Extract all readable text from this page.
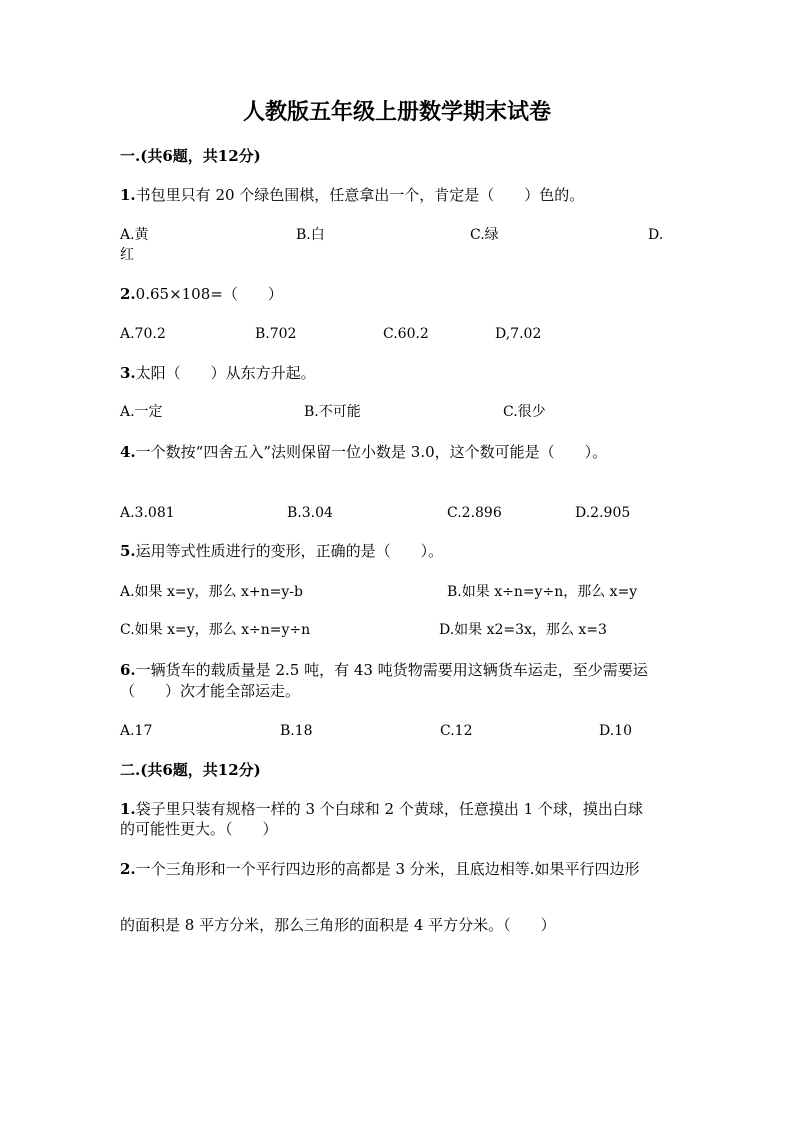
人教版五年级上册数学期末试卷
一.(共6题，共12分)
1.书包里只有 20 个绿色围棋，任意拿出一个，肯定是（　　）色的。
A.黄	B.白	C.绿	D.
红
2.0.65×108=（　　）
A.70.2	B.702	C.60.2	D,7.02
3.太阳（　　）从东方升起。
A.一定	B.不可能	C.很少
4.一个数按“四舍五入”法则保留一位小数是 3.0，这个数可能是（　　）。
A.3.081	B.3.04	C.2.896	D.2.905
5.运用等式性质进行的变形，正确的是（　　）。
A.如果 x=y，那么 x+n=y-b	B.如果 x÷n=y÷n，那么 x=y
C.如果 x=y，那么 x÷n=y÷n	D.如果 x2=3x，那么 x=3
6.一辆货车的载质量是 2.5 吨，有 43 吨货物需要用这辆货车运走，至少需要运
（　　）次才能全部运走。
A.17	B.18	C.12	D.10
二.(共6题，共12分)
1.袋子里只装有规格一样的 3 个白球和 2 个黄球，任意摸出 1 个球，摸出白球
的可能性更大。（　　）
2.一个三角形和一个平行四边形的高都是 3 分米，且底边相等.如果平行四边形
的面积是 8 平方分米，那么三角形的面积是 4 平方分米。（　　）
